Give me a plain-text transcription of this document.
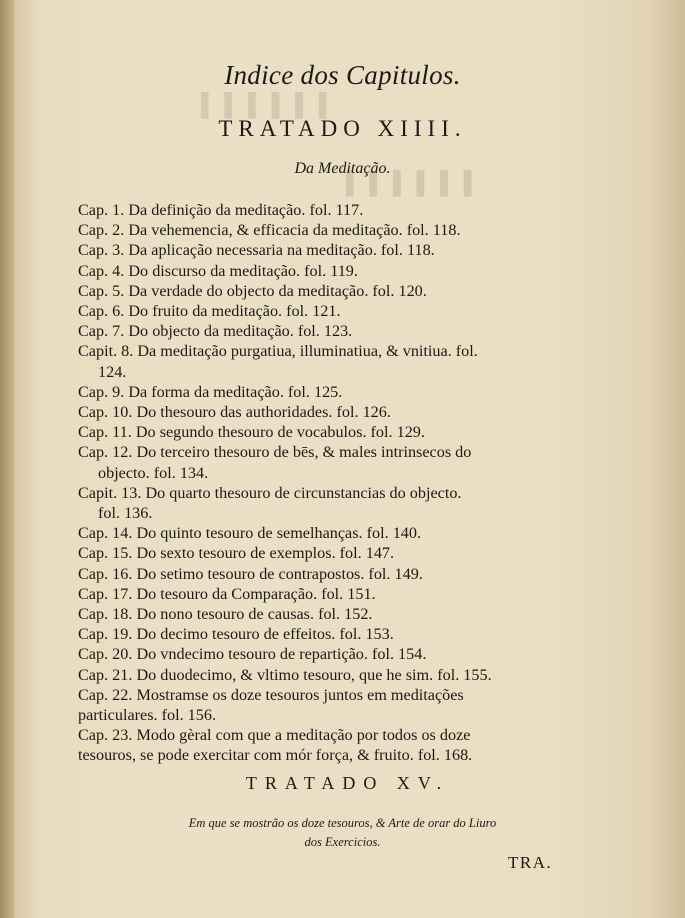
▌▌▌▌▌▌
▌▌▌▌▌▌
Indice dos Capitulos.
TRATADO XIIII.
Da Meditação.

Cap. 1. Da definição da meditação. fol. 117.

Cap. 2. Da vehemencia, & efficacia da meditação. fol. 118.

Cap. 3. Da aplicação necessaria na meditação. fol. 118.

Cap. 4. Do discurso da meditação. fol. 119.

Cap. 5. Da verdade do objecto da meditação. fol. 120.

Cap. 6. Do fruito da meditação. fol. 121.

Cap. 7. Do objecto da meditação. fol. 123.

Capit. 8. Da meditação purgatiua, illuminatiua, & vnitiua. fol.

124.

Cap. 9. Da forma da meditação. fol. 125.

Cap. 10. Do thesouro das authoridades. fol. 126.

Cap. 11. Do segundo thesouro de vocabulos. fol. 129.

Cap. 12. Do terceiro thesouro de bēs, & males intrinsecos do

objecto. fol. 134.

Capit. 13. Do quarto thesouro de circunstancias do objecto.

fol. 136.

Cap. 14. Do quinto tesouro de semelhanças. fol. 140.

Cap. 15. Do sexto tesouro de exemplos. fol. 147.

Cap. 16. Do setimo tesouro de contrapostos. fol. 149.

Cap. 17. Do tesouro da Comparação. fol. 151.

Cap. 18. Do nono tesouro de causas. fol. 152.

Cap. 19. Do decimo tesouro de effeitos. fol. 153.

Cap. 20. Do vndecimo tesouro de repartição. fol. 154.

Cap. 21. Do duodecimo, & vltimo tesouro, que he sim. fol. 155.

Cap. 22. Mostramse os doze tesouros juntos em meditações

particulares. fol. 156.

Cap. 23. Modo gèral com que a meditação por todos os doze

tesouros, se pode exercitar com mór força, & fruito. fol. 168.

TRATADO XV.
Em que se mostrão os doze tesouros, & Arte de orar do Liuro
dos Exercicios.
TRA.
